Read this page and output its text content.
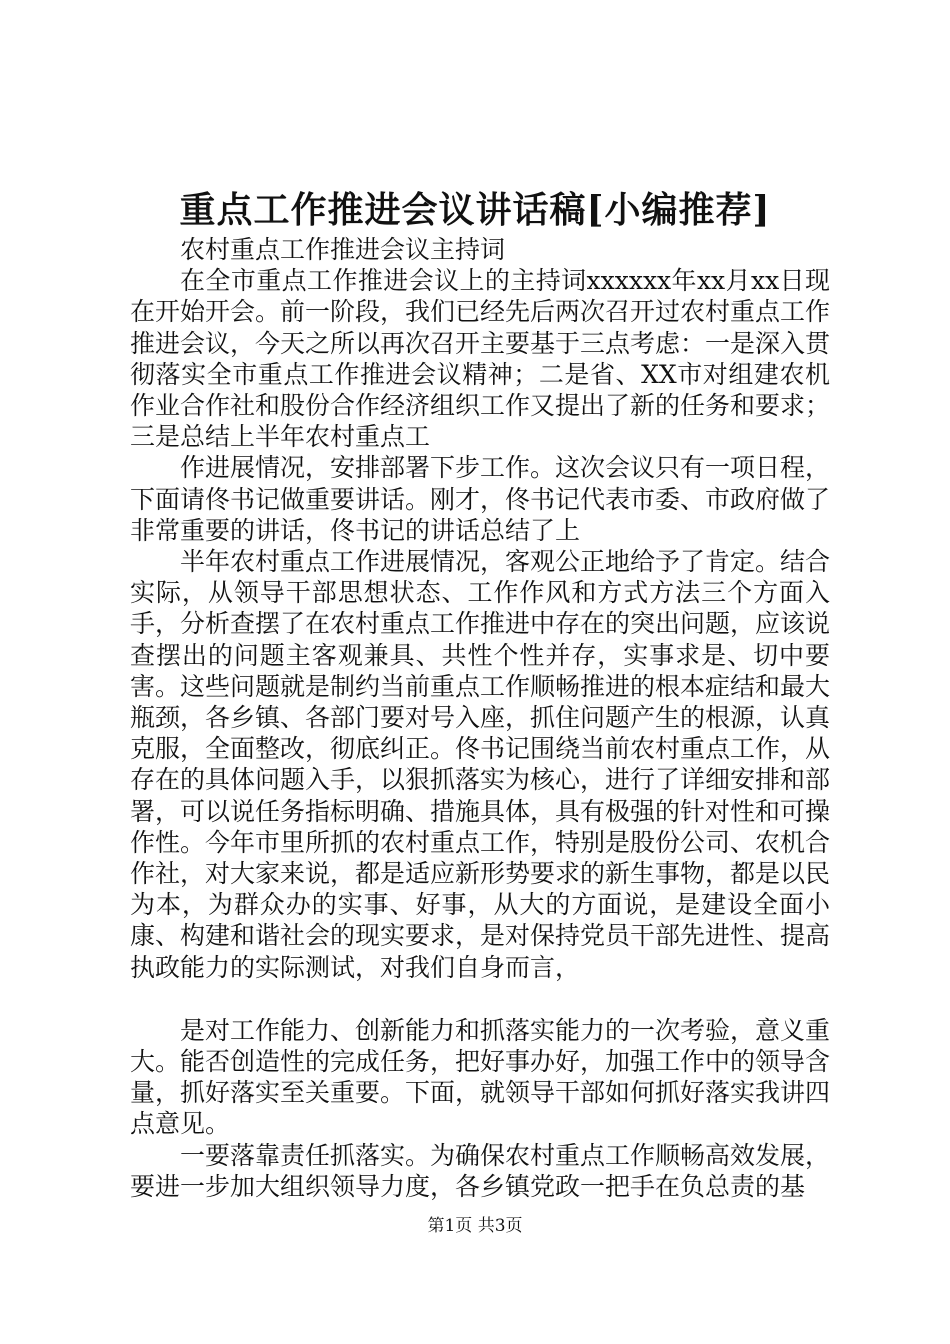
重点工作推进会议讲话稿[小编推荐]

农村重点工作推进会议主持词

在全市重点工作推进会议上的主持词xxxxxx年xx月xx日现在开始开会。前一阶段，我们已经先后两次召开过农村重点工作推进会议，今天之所以再次召开主要基于三点考虑：一是深入贯彻落实全市重点工作推进会议精神；二是省、XX市对组建农机作业合作社和股份合作经济组织工作又提出了新的任务和要求；三是总结上半年农村重点工

作进展情况，安排部署下步工作。这次会议只有一项日程，下面请佟书记做重要讲话。刚才，佟书记代表市委、市政府做了非常重要的讲话，佟书记的讲话总结了上

半年农村重点工作进展情况，客观公正地给予了肯定。结合实际，从领导干部思想状态、工作作风和方式方法三个方面入手，分析查摆了在农村重点工作推进中存在的突出问题，应该说查摆出的问题主客观兼具、共性个性并存，实事求是、切中要害。这些问题就是制约当前重点工作顺畅推进的根本症结和最大瓶颈，各乡镇、各部门要对号入座，抓住问题产生的根源，认真克服，全面整改，彻底纠正。佟书记围绕当前农村重点工作，从存在的具体问题入手，以狠抓落实为核心，进行了详细安排和部署，可以说任务指标明确、措施具体，具有极强的针对性和可操作性。今年市里所抓的农村重点工作，特别是股份公司、农机合作社，对大家来说，都是适应新形势要求的新生事物，都是以民为本，为群众办的实事、好事，从大的方面说，是建设全面小康、构建和谐社会的现实要求，是对保持党员干部先进性、提高执政能力的实际测试，对我们自身而言，

是对工作能力、创新能力和抓落实能力的一次考验，意义重大。能否创造性的完成任务，把好事办好，加强工作中的领导含量，抓好落实至关重要。下面，就领导干部如何抓好落实我讲四点意见。

一要落靠责任抓落实。为确保农村重点工作顺畅高效发展，要进一步加大组织领导力度，各乡镇党政一把手在负总责的基

第1页 共3页
